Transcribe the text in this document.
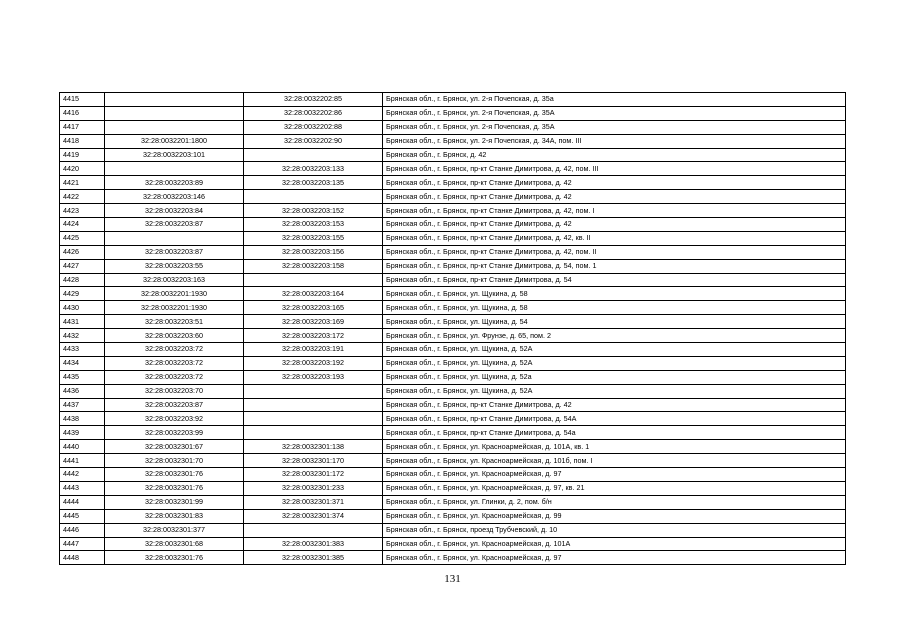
4415		32:28:0032202:85	Брянская обл., г. Брянск, ул. 2-я Почепская, д. 35а
4416		32:28:0032202:86	Брянская обл., г. Брянск, ул. 2-я Почепская, д. 35А
4417		32:28:0032202:88	Брянская обл., г. Брянск, ул. 2-я Почепская, д. 35А
4418	32:28:0032201:1800	32:28:0032202:90	Брянская обл., г. Брянск, ул. 2-я Почепская, д. 34А, пом. III
4419	32:28:0032203:101		Брянская обл., г. Брянск, д. 42
4420		32:28:0032203:133	Брянская обл., г. Брянск, пр-кт Станке Димитрова, д. 42, пом. III
4421	32:28:0032203:89	32:28:0032203:135	Брянская обл., г. Брянск, пр-кт Станке Димитрова, д. 42
4422	32:28:0032203:146		Брянская обл., г. Брянск, пр-кт Станке Димитрова, д. 42
4423	32:28:0032203:84	32:28:0032203:152	Брянская обл., г. Брянск, пр-кт Станке Димитрова, д. 42, пом. I
4424	32:28:0032203:87	32:28:0032203:153	Брянская обл., г. Брянск, пр-кт Станке Димитрова, д. 42
4425		32:28:0032203:155	Брянская обл., г. Брянск, пр-кт Станке Димитрова, д. 42, кв. II
4426	32:28:0032203:87	32:28:0032203:156	Брянская обл., г. Брянск, пр-кт Станке Димитрова, д. 42, пом. II
4427	32:28:0032203:55	32:28:0032203:158	Брянская обл., г. Брянск, пр-кт Станке Димитрова, д. 54, пом. 1
4428	32:28:0032203:163		Брянская обл., г. Брянск, пр-кт Станке Димитрова, д. 54
4429	32:28:0032201:1930	32:28:0032203:164	Брянская обл., г. Брянск, ул. Щукина, д. 58
4430	32:28:0032201:1930	32:28:0032203:165	Брянская обл., г. Брянск, ул. Щукина, д. 58
4431	32:28:0032203:51	32:28:0032203:169	Брянская обл., г. Брянск, ул. Щукина, д. 54
4432	32:28:0032203:60	32:28:0032203:172	Брянская обл., г. Брянск, ул. Фрунзе, д. 65, пом. 2
4433	32:28:0032203:72	32:28:0032203:191	Брянская обл., г. Брянск, ул. Щукина, д. 52А
4434	32:28:0032203:72	32:28:0032203:192	Брянская обл., г. Брянск, ул. Щукина, д. 52А
4435	32:28:0032203:72	32:28:0032203:193	Брянская обл., г. Брянск, ул. Щукина, д. 52а
4436	32:28:0032203:70		Брянская обл., г. Брянск, ул. Щукина, д. 52А
4437	32:28:0032203:87		Брянская обл., г. Брянск, пр-кт Станке Димитрова, д. 42
4438	32:28:0032203:92		Брянская обл., г. Брянск, пр-кт Станке Димитрова, д. 54А
4439	32:28:0032203:99		Брянская обл., г. Брянск, пр-кт Станке Димитрова, д. 54а
4440	32:28:0032301:67	32:28:0032301:138	Брянская обл., г. Брянск, ул. Красноармейская, д. 101А, кв. 1
4441	32:28:0032301:70	32:28:0032301:170	Брянская обл., г. Брянск, ул. Красноармейская, д. 101б, пом. I
4442	32:28:0032301:76	32:28:0032301:172	Брянская обл., г. Брянск, ул. Красноармейская, д. 97
4443	32:28:0032301:76	32:28:0032301:233	Брянская обл., г. Брянск, ул. Красноармейская, д. 97, кв. 21
4444	32:28:0032301:99	32:28:0032301:371	Брянская обл., г. Брянск, ул. Глинки, д. 2, пом. б/н
4445	32:28:0032301:83	32:28:0032301:374	Брянская обл., г. Брянск, ул. Красноармейская, д. 99
4446	32:28:0032301:377		Брянская обл., г. Брянск, проезд Трубчевский, д. 10
4447	32:28:0032301:68	32:28:0032301:383	Брянская обл., г. Брянск, ул. Красноармейская, д. 101А
4448	32:28:0032301:76	32:28:0032301:385	Брянская обл., г. Брянск, ул. Красноармейская, д. 97
131
